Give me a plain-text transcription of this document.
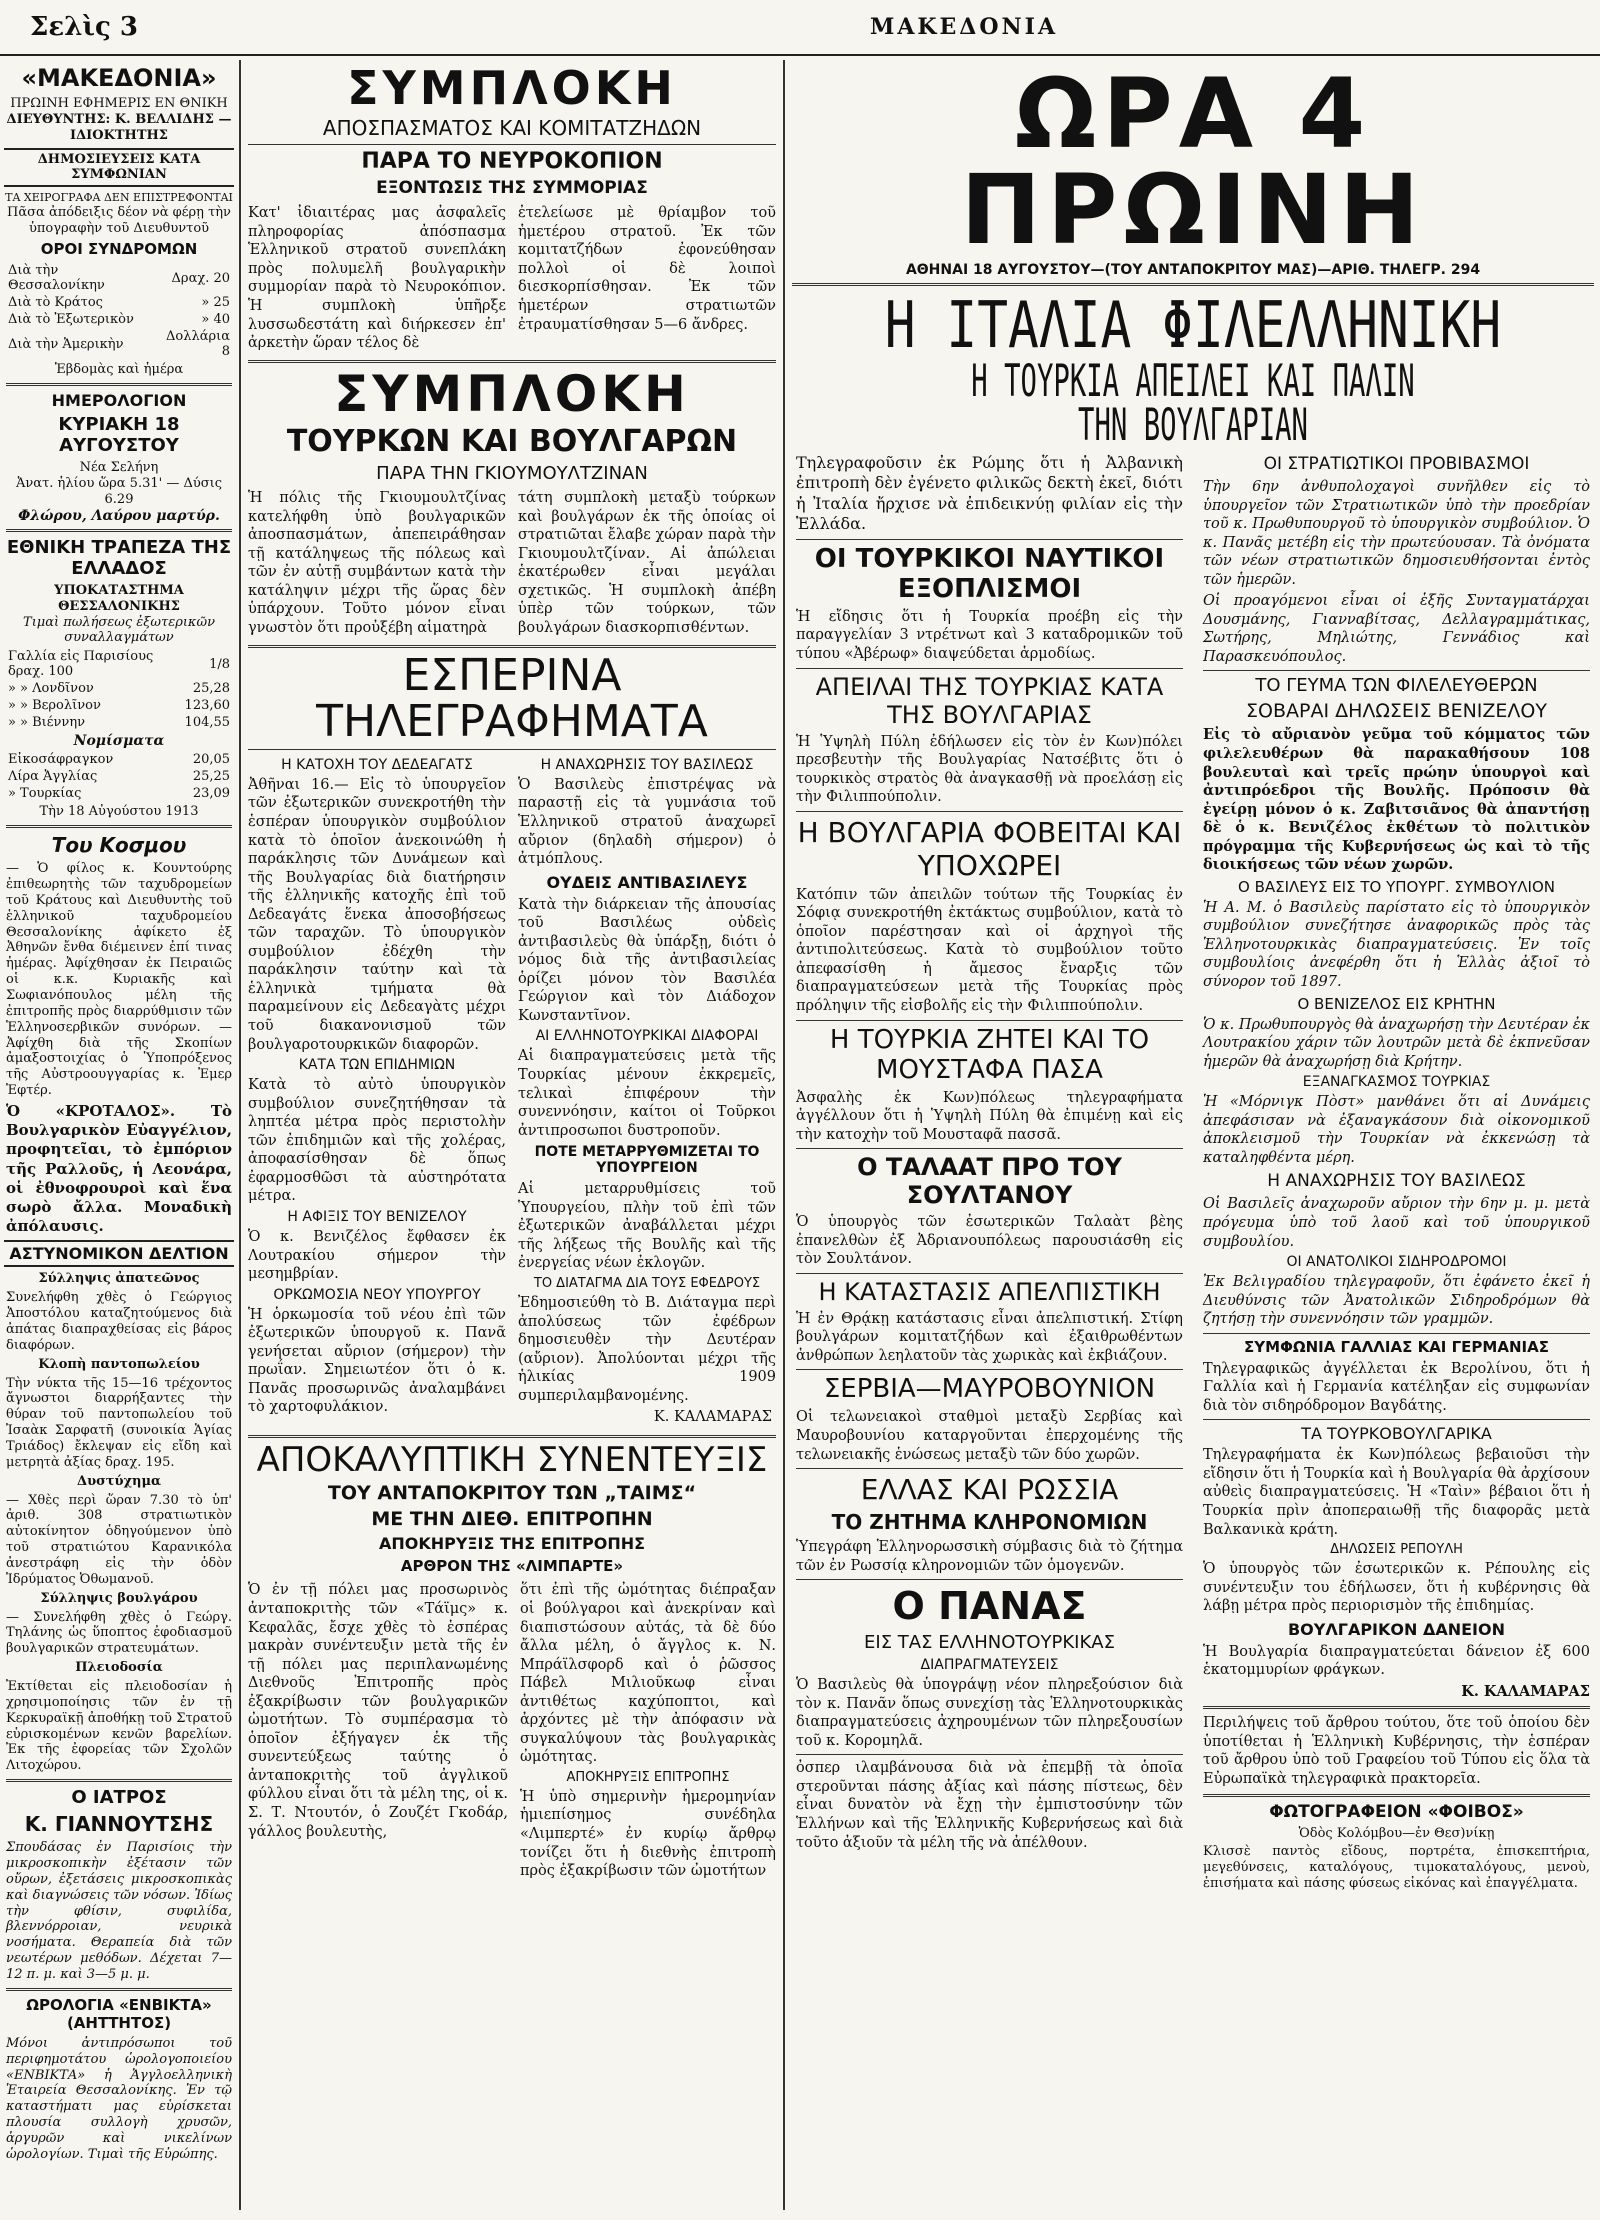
Σελὶς 3	ΜΑΚΕΔΟΝΙΑ
«ΜΑΚΕΔΟΝΙΑ»
ΠΡΩΙΝΗ ΕΦΗΜΕΡΙΣ ΕΝ ΘΝΙΚΗ
ΔΙΕΥΘΥΝΤΗΣ: Κ. ΒΕΛΛΙΔΗΣ — ΙΔΙΟΚΤΗΤΗΣ
ΔΗΜΟΣΙΕΥΣΕΙΣ ΚΑΤΑ ΣΥΜΦΩΝΙΑΝ
ΤΑ ΧΕΙΡΟΓΡΑΦΑ ΔΕΝ ΕΠΙΣΤΡΕΦΟΝΤΑΙ
Πᾶσα ἀπόδειξις δέον νὰ φέρῃ τὴν ὑπογραφὴν τοῦ Διευθυντοῦ
ΟΡΟΙ ΣΥΝΔΡΟΜΩΝ
Διὰ τὴν Θεσσαλονίκην	Δραχ. 20
Διὰ τὸ Κράτος	» 25
Διὰ τὸ Ἐξωτερικὸν	» 40
Διὰ τὴν Ἀμερικὴν	Δολλάρια 8
Ἑβδομὰς καὶ ἡμέρα
ΗΜΕΡΟΛΟΓΙΟΝ
ΚΥΡΙΑΚΗ 18 ΑΥΓΟΥΣΤΟΥ
Νέα Σελήνη
Ἀνατ. ἡλίου ὥρα 5.31' — Δύσις 6.29
Φλώρου, Λαύρου μαρτύρ.
ΕΘΝΙΚΗ ΤΡΑΠΕΖΑ ΤΗΣ ΕΛΛΑΔΟΣ
ΥΠΟΚΑΤΑΣΤΗΜΑ ΘΕΣΣΑΛΟΝΙΚΗΣ
Τιμαὶ πωλήσεως ἐξωτερικῶν συναλλαγμάτων
Γαλλία εἰς Παρισίους δραχ. 100	1/8
» » Λονδῖνον	25,28
» » Βερολῖνον	123,60
» » Βιέννην	104,55
Νομίσματα
Εἰκοσάφραγκον	20,05
Λίρα Ἀγγλίας	25,25
» Τουρκίας	23,09
Τὴν 18 Αὐγούστου 1913
Του Κοσμου
— Ὁ φίλος κ. Κουντούρης ἐπιθεωρητὴς τῶν ταχυδρομείων τοῦ Κράτους καὶ Διευθυντὴς τοῦ ἑλληνικοῦ ταχυδρομείου Θεσσαλονίκης ἀφίκετο ἐξ Ἀθηνῶν ἔνθα διέμεινεν ἐπί τινας ἡμέρας. Ἀφίχθησαν ἐκ Πειραιῶς οἱ κ.κ. Κυριακῆς καὶ Σωφιανόπουλος μέλη τῆς ἐπιτροπῆς πρὸς διαρρύθμισιν τῶν Ἑλληνοσερβικῶν συνόρων. — Ἀφίχθη διὰ τῆς Σκοπίων ἀμαξοστοιχίας ὁ Ὑποπρόξενος τῆς Αὐστροουγγαρίας κ. Ἐμερ Ἐφτέρ.
Ὁ «ΚΡΟΤΑΛΟΣ». Τὸ Βουλγαρικὸν Εὐαγγέλιον, προφητεῖαι, τὸ ἐμπόριον τῆς Ραλλοῦς, ἡ Λεονάρα, οἱ ἐθνοφρουροὶ καὶ ἕνα σωρὸ ἄλλα. Μοναδικὴ ἀπόλαυσις.
ΑΣΤΥΝΟΜΙΚΟΝ ΔΕΛΤΙΟΝ
Σύλληψις ἀπατεῶνος
Συνελήφθη χθὲς ὁ Γεώργιος Ἀποστόλου καταζητούμενος διὰ ἀπάτας διαπραχθείσας εἰς βάρος διαφόρων.
Κλοπὴ παντοπωλείου
Τὴν νύκτα τῆς 15—16 τρέχοντος ἄγνωστοι διαρρήξαντες τὴν θύραν τοῦ παντοπωλείου τοῦ Ἰσαὰκ Σαρφατῆ (συνοικία Ἁγίας Τριάδος) ἔκλεψαν εἰς εἴδη καὶ μετρητὰ ἀξίας δραχ. 195.
Δυστύχημα
— Χθὲς περὶ ὥραν 7.30 τὸ ὑπ' ἀριθ. 308 στρατιωτικὸν αὐτοκίνητον ὁδηγούμενον ὑπὸ τοῦ στρατιώτου Καρανικόλα ἀνεστράφη εἰς τὴν ὁδὸν Ἰδρύματος Ὀθωμανοῦ.
Σύλληψις βουλγάρου
— Συνελήφθη χθὲς ὁ Γεώργ. Τηλάνης ὡς ὕποπτος ἐφοδιασμοῦ βουλγαρικῶν στρατευμάτων.
Πλειοδοσία
Ἐκτίθεται εἰς πλειοδοσίαν ἡ χρησιμοποίησις τῶν ἐν τῇ Κερκυραϊκῇ ἀποθήκῃ τοῦ Στρατοῦ εὑρισκομένων κενῶν βαρελίων. Ἐκ τῆς ἐφορείας τῶν Σχολῶν Λιτοχώρου.
Ο ΙΑΤΡΟΣ
Κ. ΓΙΑΝΝΟΥΤΣΗΣ
Σπουδάσας ἐν Παρισίοις τὴν μικροσκοπικὴν ἐξέτασιν τῶν οὔρων, ἐξετάσεις μικροσκοπικὰς καὶ διαγνώσεις τῶν νόσων. Ἰδίως τὴν φθίσιν, συφιλίδα, βλεννόρροιαν, νευρικὰ νοσήματα. Θεραπεία διὰ τῶν νεωτέρων μεθόδων. Δέχεται 7—12 π. μ. καὶ 3—5 μ. μ.
ΩΡΟΛΟΓΙΑ «ΕΝΒΙΚΤΑ» (ΑΗΤΤΗΤΟΣ)
Μόνοι ἀντιπρόσωποι τοῦ περιφημοτάτου ὡρολογοποιείου «ΕΝΒΙΚΤΑ» ἡ Ἀγγλοελληνικὴ Ἑταιρεία Θεσσαλονίκης. Ἐν τῷ καταστήματι μας εὑρίσκεται πλουσία συλλογὴ χρυσῶν, ἀργυρῶν καὶ νικελίνων ὡρολογίων. Τιμαὶ τῆς Εὐρώπης.
ΣΥΜΠΛΟΚΗ
ΑΠΟΣΠΑΣΜΑΤΟΣ ΚΑΙ ΚΟΜΙΤΑΤΖΗΔΩΝ
ΠΑΡΑ ΤΟ ΝΕΥΡΟΚΟΠΙΟΝ
ΕΞΟΝΤΩΣΙΣ ΤΗΣ ΣΥΜΜΟΡΙΑΣ
Κατ' ἰδιαιτέρας μας ἀσφαλεῖς πληροφορίας ἀπόσπασμα Ἑλληνικοῦ στρατοῦ συνεπλάκη πρὸς πολυμελῆ βουλγαρικὴν συμμορίαν παρὰ τὸ Νευροκόπιον. Ἡ συμπλοκὴ ὑπῆρξε λυσσωδεστάτη καὶ διήρκεσεν ἐπ' ἀρκετὴν ὥραν τέλος δὲ
ἐτελείωσε μὲ θρίαμβον τοῦ ἡμετέρου στρατοῦ. Ἐκ τῶν κομιτατζήδων ἐφονεύθησαν πολλοὶ οἱ δὲ λοιποὶ διεσκορπίσθησαν. Ἐκ τῶν ἡμετέρων στρατιωτῶν ἐτραυματίσθησαν 5—6 ἄνδρες.
ΣΥΜΠΛΟΚΗ
ΤΟΥΡΚΩΝ ΚΑΙ ΒΟΥΛΓΑΡΩΝ
ΠΑΡΑ ΤΗΝ ΓΚΙΟΥΜΟΥΛΤΖΙΝΑΝ
Ἡ πόλις τῆς Γκιουμουλτζίνας κατελήφθη ὑπὸ βουλγαρικῶν ἀποσπασμάτων, ἀπεπειράθησαν τῇ κατάληψεως τῆς πόλεως καὶ τῶν ἐν αὐτῇ συμβάντων κατὰ τὴν κατάληψιν μέχρι τῆς ὥρας δὲν ὑπάρχουν. Τοῦτο μόνον εἶναι γνωστὸν ὅτι προὐξέβη αἱματηρὰ
τάτη συμπλοκὴ μεταξὺ τούρκων καὶ βουλγάρων ἐκ τῆς ὁποίας οἱ στρατιῶται ἔλαβε χώραν παρὰ τὴν Γκιουμουλτζίναν. Αἱ ἀπώλειαι ἑκατέρωθεν εἶναι μεγάλαι σχετικῶς. Ἡ συμπλοκὴ ἀπέβη ὑπὲρ τῶν τούρκων, τῶν βουλγάρων διασκορπισθέντων.
ΕΣΠΕΡΙΝΑ ΤΗΛΕΓΡΑΦΗΜΑΤΑ
Η ΚΑΤΟΧΗ ΤΟΥ ΔΕΔΕΑΓΑΤΣ
Ἀθῆναι 16.— Εἰς τὸ ὑπουργεῖον τῶν ἐξωτερικῶν συνεκροτήθη τὴν ἑσπέραν ὑπουργικὸν συμβούλιον κατὰ τὸ ὁποῖον ἀνεκοινώθη ἡ παράκλησις τῶν Δυνάμεων καὶ τῆς Βουλγαρίας διὰ διατήρησιν τῆς ἑλληνικῆς κατοχῆς ἐπὶ τοῦ Δεδεαγάτς ἕνεκα ἀποσοβήσεως τῶν ταραχῶν. Τὸ ὑπουργικὸν συμβούλιον ἐδέχθη τὴν παράκλησιν ταύτην καὶ τὰ ἑλληνικὰ τμήματα θὰ παραμείνουν εἰς Δεδεαγὰτς μέχρι τοῦ διακανονισμοῦ τῶν βουλγαροτουρκικῶν διαφορῶν.
ΚΑΤΑ ΤΩΝ ΕΠΙΔΗΜΙΩΝ
Κατὰ τὸ αὐτὸ ὑπουργικὸν συμβούλιον συνεζητήθησαν τὰ ληπτέα μέτρα πρὸς περιστολὴν τῶν ἐπιδημιῶν καὶ τῆς χολέρας, ἀποφασίσθησαν δὲ ὅπως ἐφαρμοσθῶσι τὰ αὐστηρότατα μέτρα.
Η ΑΦΙΞΙΣ ΤΟΥ ΒΕΝΙΖΕΛΟΥ
Ὁ κ. Βενιζέλος ἔφθασεν ἐκ Λουτρακίου σήμερον τὴν μεσημβρίαν.
ΟΡΚΩΜΟΣΙΑ ΝΕΟΥ ΥΠΟΥΡΓΟΥ
Ἡ ὁρκωμοσία τοῦ νέου ἐπὶ τῶν ἐξωτερικῶν ὑπουργοῦ κ. Πανᾶ γενήσεται αὔριον (σήμερον) τὴν πρωΐαν. Σημειωτέον ὅτι ὁ κ. Πανᾶς προσωρινῶς ἀναλαμβάνει τὸ χαρτοφυλάκιον.
Η ΑΝΑΧΩΡΗΣΙΣ ΤΟΥ ΒΑΣΙΛΕΩΣ
Ὁ Βασιλεὺς ἐπιστρέψας νὰ παραστῇ εἰς τὰ γυμνάσια τοῦ Ἑλληνικοῦ στρατοῦ ἀναχωρεῖ αὔριον (δηλαδὴ σήμερον) ὁ ἀτμόπλους.
ΟΥΔΕΙΣ ΑΝΤΙΒΑΣΙΛΕΥΣ
Κατὰ τὴν διάρκειαν τῆς ἀπουσίας τοῦ Βασιλέως οὐδεὶς ἀντιβασιλεὺς θὰ ὑπάρξῃ, διότι ὁ νόμος διὰ τῆς ἀντιβασιλείας ὁρίζει μόνον τὸν Βασιλέα Γεώργιον καὶ τὸν Διάδοχον Κωνσταντῖνον.
ΑΙ ΕΛΛΗΝΟΤΟΥΡΚΙΚΑΙ ΔΙΑΦΟΡΑΙ
Αἱ διαπραγματεύσεις μετὰ τῆς Τουρκίας μένουν ἐκκρεμεῖς, τελικαὶ ἐπιφέρουν τὴν συνεννόησιν, καίτοι οἱ Τοῦρκοι ἀντιπροσωποι δυστροποῦν.
ΠΟΤΕ ΜΕΤΑΡΡΥΘΜΙΖΕΤΑΙ ΤΟ ΥΠΟΥΡΓΕΙΟΝ
Αἱ μεταρρυθμίσεις τοῦ Ὑπουργείου, πλὴν τοῦ ἐπὶ τῶν ἐξωτερικῶν ἀναβάλλεται μέχρι τῆς λήξεως τῆς Βουλῆς καὶ τῆς ἐνεργείας νέων ἐκλογῶν.
ΤΟ ΔΙΑΤΑΓΜΑ ΔΙΑ ΤΟΥΣ ΕΦΕΔΡΟΥΣ
Ἐδημοσιεύθη τὸ Β. Διάταγμα περὶ ἀπολύσεως τῶν ἐφέδρων δημοσιευθὲν τὴν Δευτέραν (αὔριον). Ἀπολύονται μέχρι τῆς ἡλικίας 1909 συμπεριλαμβανομένης.
Κ. ΚΑΛΑΜΑΡΑΣ
ΑΠΟΚΑΛΥΠΤΙΚΗ ΣΥΝΕΝΤΕΥΞΙΣ
ΤΟΥ ΑΝΤΑΠΟΚΡΙΤΟΥ ΤΩΝ „ΤΑΙΜΣ“
ΜΕ ΤΗΝ ΔΙΕΘ. ΕΠΙΤΡΟΠΗΝ
ΑΠΟΚΗΡΥΞΙΣ ΤΗΣ ΕΠΙΤΡΟΠΗΣ
ΑΡΘΡΟΝ ΤΗΣ «ΛΙΜΠΑΡΤΕ»
Ὁ ἐν τῇ πόλει μας προσωρινὸς ἀνταποκριτὴς τῶν «Τάϊμς» κ. Κεφαλᾶς, ἔσχε χθὲς τὸ ἑσπέρας μακρὰν συνέντευξιν μετὰ τῆς ἐν τῇ πόλει μας περιπλανωμένης Διεθνοῦς Ἐπιτροπῆς πρὸς ἐξακρίβωσιν τῶν βουλγαρικῶν ὠμοτήτων. Τὸ συμπέρασμα τὸ ὁποῖον ἐξήγαγεν ἐκ τῆς συνεντεύξεως ταύτης ὁ ἀνταποκριτὴς τοῦ ἀγγλικοῦ φύλλου εἶναι ὅτι τὰ μέλη της, οἱ κ. Σ. Τ. Ντουτόν, ὁ Ζουζέτ Γκοδάρ, γάλλος βουλευτὴς,
ὅτι ἐπὶ τῆς ὠμότητας διέπραξαν οἱ βούλγαροι καὶ ἀνεκρίναν καὶ διαπιστώσουν αὐτάς, τὰ δὲ δύο ἄλλα μέλη, ὁ ἄγγλος κ. Ν. Μπράϊλσφορδ καὶ ὁ ῥῶσσος Πάβελ Μιλιοῦκωφ εἶναι ἀντιθέτως καχύποπτοι, καὶ ἀρχόντες μὲ τὴν ἀπόφασιν νὰ συγκαλύψουν τὰς βουλγαρικὰς ὠμότητας.
ΑΠΟΚΗΡΥΞΙΣ ΕΠΙΤΡΟΠΗΣ
Ἡ ὑπὸ σημερινὴν ἡμερομηνίαν ἡμιεπίσημος συνέδηλα «Λιμπερτέ» ἐν κυρίῳ ἄρθρῳ τονίζει ὅτι ἡ διεθνὴς ἐπιτροπὴ πρὸς ἐξακρίβωσιν τῶν ὠμοτήτων
ΩΡΑ 4 ΠΡΩΙΝΗ
ΑΘΗΝΑΙ 18 ΑΥΓΟΥΣΤΟΥ—(ΤΟΥ ΑΝΤΑΠΟΚΡΙΤΟΥ ΜΑΣ)—ΑΡΙΘ. ΤΗΛΕΓΡ. 294
Η ΙΤΑΛΙΑ ΦΙΛΕΛΛΗΝΙΚΗ
Η ΤΟΥΡΚΙΑ ΑΠΕΙΛΕΙ ΚΑΙ ΠΑΛΙΝ ΤΗΝ ΒΟΥΛΓΑΡΙΑΝ
Τηλεγραφοῦσιν ἐκ Ρώμης ὅτι ἡ Ἀλβανικὴ ἐπιτροπὴ δὲν ἐγένετο φιλικῶς δεκτὴ ἐκεῖ, διότι ἡ Ἰταλία ἤρχισε νὰ ἐπιδεικνύῃ φιλίαν εἰς τὴν Ἑλλάδα.
ΟΙ ΤΟΥΡΚΙΚΟΙ ΝΑΥΤΙΚΟΙ ΕΞΟΠΛΙΣΜΟΙ
Ἡ εἴδησις ὅτι ἡ Τουρκία προέβη εἰς τὴν παραγγελίαν 3 ντρέτνωτ καὶ 3 καταδρομικῶν τοῦ τύπου «Ἀβέρωφ» διαψεύδεται ἁρμοδίως.
ΑΠΕΙΛΑΙ ΤΗΣ ΤΟΥΡΚΙΑΣ ΚΑΤΑ ΤΗΣ ΒΟΥΛΓΑΡΙΑΣ
Ἡ Ὑψηλὴ Πύλη ἐδήλωσεν εἰς τὸν ἐν Κων)πόλει πρεσβευτὴν τῆς Βουλγαρίας Νατσέβιτς ὅτι ὁ τουρκικὸς στρατὸς θὰ ἀναγκασθῇ νὰ προελάσῃ εἰς τὴν Φιλιππούπολιν.
Η ΒΟΥΛΓΑΡΙΑ ΦΟΒΕΙΤΑΙ ΚΑΙ ΥΠΟΧΩΡΕΙ
Κατόπιν τῶν ἀπειλῶν τούτων τῆς Τουρκίας ἐν Σόφιᾳ συνεκροτήθη ἐκτάκτως συμβούλιον, κατὰ τὸ ὁποῖον παρέστησαν καὶ οἱ ἀρχηγοὶ τῆς ἀντιπολιτεύσεως. Κατὰ τὸ συμβούλιον τοῦτο ἀπεφασίσθη ἡ ἄμεσος ἔναρξις τῶν διαπραγματεύσεων μετὰ τῆς Τουρκίας πρὸς πρόληψιν τῆς εἰσβολῆς εἰς τὴν Φιλιππούπολιν.
Η ΤΟΥΡΚΙΑ ΖΗΤΕΙ ΚΑΙ ΤΟ ΜΟΥΣΤΑΦΑ ΠΑΣΑ
Ἀσφαλὴς ἐκ Κων)πόλεως τηλεγραφήματα ἀγγέλλουν ὅτι ἡ Ὑψηλὴ Πύλη θὰ ἐπιμένῃ καὶ εἰς τὴν κατοχὴν τοῦ Μουσταφᾶ πασσᾶ.
Ο ΤΑΛΑΑΤ ΠΡΟ ΤΟΥ ΣΟΥΛΤΑΝΟΥ
Ὁ ὑπουργὸς τῶν ἐσωτερικῶν Ταλαὰτ βὲης ἐπανελθὼν ἐξ Ἀδριανουπόλεως παρουσιάσθη εἰς τὸν Σουλτάνον.
Η ΚΑΤΑΣΤΑΣΙΣ ΑΠΕΛΠΙΣΤΙΚΗ
Ἡ ἐν Θρᾴκῃ κατάστασις εἶναι ἀπελπιστική. Στίφη βουλγάρων κομιτατζήδων καὶ ἐξαιθρωθέντων ἀνθρώπων λεηλατοῦν τὰς χωρικὰς καὶ ἐκβιάζουν.
ΣΕΡΒΙΑ—ΜΑΥΡΟΒΟΥΝΙΟΝ
Οἱ τελωνειακοὶ σταθμοὶ μεταξὺ Σερβίας καὶ Μαυροβουνίου καταργοῦνται ἐπερχομένης τῆς τελωνειακῆς ἑνώσεως μεταξὺ τῶν δύο χωρῶν.
ΕΛΛΑΣ ΚΑΙ ΡΩΣΣΙΑ
ΤΟ ΖΗΤΗΜΑ ΚΛΗΡΟΝΟΜΙΩΝ
Ὑπεγράφη Ἑλληνορωσσικὴ σύμβασις διὰ τὸ ζήτημα τῶν ἐν Ρωσσίᾳ κληρονομιῶν τῶν ὁμογενῶν.
Ο ΠΑΝΑΣ
ΕΙΣ ΤΑΣ ΕΛΛΗΝΟΤΟΥΡΚΙΚΑΣ
ΔΙΑΠΡΑΓΜΑΤΕΥΣΕΙΣ
Ὁ Βασιλεὺς θὰ ὑπογράψῃ νέον πληρεξούσιον διὰ τὸν κ. Πανᾶν ὅπως συνεχίσῃ τὰς Ἑλληνοτουρκικὰς διαπραγματεύσεις ἀχηρουμένων τῶν πληρεξουσίων τοῦ κ. Κορομηλᾶ.
ὀσπερ ιλαμβάνουσα διὰ νὰ ἐπεμβῇ τὰ ὁποῖα στεροῦνται πάσης ἀξίας καὶ πάσης πίστεως, δὲν εἶναι δυνατὸν νὰ ἔχῃ τὴν ἐμπιστοσύνην τῶν Ἑλλήνων καὶ τῆς Ἑλληνικῆς Κυβερνήσεως καὶ διὰ τοῦτο ἀξιοῦν τὰ μέλη τῆς νὰ ἀπέλθουν.
ΟΙ ΣΤΡΑΤΙΩΤΙΚΟΙ ΠΡΟΒΙΒΑΣΜΟΙ
Τὴν 6ην ἀνθυπολοχαγοὶ συνῆλθεν εἰς τὸ ὑπουργεῖον τῶν Στρατιωτικῶν ὑπὸ τὴν προεδρίαν τοῦ κ. Πρωθυπουργοῦ τὸ ὑπουργικὸν συμβούλιον. Ὁ κ. Πανᾶς μετέβη εἰς τὴν πρωτεύουσαν. Τὰ ὀνόματα τῶν νέων στρατιωτικῶν δημοσιευθήσονται ἐντὸς τῶν ἡμερῶν.
Οἱ προαγόμενοι εἶναι οἱ ἑξῆς Συνταγματάρχαι Δουσμάνης, Γιανναβίτσας, Δελλαγραμμάτικας, Σωτήρης, Μηλιώτης, Γεννάδιος καὶ Παρασκευόπουλος.
ΤΟ ΓΕΥΜΑ ΤΩΝ ΦΙΛΕΛΕΥΘΕΡΩΝ
ΣΟΒΑΡΑΙ ΔΗΛΩΣΕΙΣ ΒΕΝΙΖΕΛΟΥ
Εἰς τὸ αὔριανὸν γεῦμα τοῦ κόμματος τῶν φιλελευθέρων θὰ παρακαθήσουν 108 βουλευταὶ καὶ τρεῖς πρώην ὑπουργοὶ καὶ ἀντιπρόεδροι τῆς Βουλῆς. Πρόποσιν θὰ ἐγείρῃ μόνον ὁ κ. Ζαβιτσιᾶνος θὰ ἀπαντήσῃ δὲ ὁ κ. Βενιζέλος ἐκθέτων τὸ πολιτικὸν πρόγραμμα τῆς Κυβερνήσεως ὡς καὶ τὸ τῆς διοικήσεως τῶν νέων χωρῶν.
Ο ΒΑΣΙΛΕΥΣ ΕΙΣ ΤΟ ΥΠΟΥΡΓ. ΣΥΜΒΟΥΛΙΟΝ
Ἡ Α. Μ. ὁ Βασιλεὺς παρίστατο εἰς τὸ ὑπουργικὸν συμβούλιον συνεζήτησε ἀναφορικῶς πρὸς τὰς Ἑλληνοτουρκικὰς διαπραγματεύσεις. Ἐν τοῖς συμβουλίοις ἀνεφέρθη ὅτι ἡ Ἑλλὰς ἀξιοῖ τὸ σύνορον τοῦ 1897.
Ο ΒΕΝΙΖΕΛΟΣ ΕΙΣ ΚΡΗΤΗΝ
Ὁ κ. Πρωθυπουργὸς θὰ ἀναχωρήσῃ τὴν Δευτέραν ἐκ Λουτρακίου χάριν τῶν λουτρῶν μετὰ δὲ ἐκπνεῦσαν ἡμερῶν θὰ ἀναχωρήσῃ διὰ Κρήτην.
ΕΞΑΝΑΓΚΑΣΜΟΣ ΤΟΥΡΚΙΑΣ
Ἡ «Μόρνιγκ Πὸστ» μανθάνει ὅτι αἱ Δυνάμεις ἀπεφάσισαν νὰ ἐξαναγκάσουν διὰ οἰκονομικοῦ ἀποκλεισμοῦ τὴν Τουρκίαν νὰ ἐκκενώσῃ τὰ καταληφθέντα μέρη.
Η ΑΝΑΧΩΡΗΣΙΣ ΤΟΥ ΒΑΣΙΛΕΩΣ
Οἱ Βασιλεῖς ἀναχωροῦν αὔριον τὴν 6ην μ. μ. μετὰ πρόγευμα ὑπὸ τοῦ λαοῦ καὶ τοῦ ὑπουργικοῦ συμβουλίου.
ΟΙ ΑΝΑΤΟΛΙΚΟΙ ΣΙΔΗΡΟΔΡΟΜΟΙ
Ἐκ Βελιγραδίου τηλεγραφοῦν, ὅτι ἐφάνετο ἐκεῖ ἡ Διευθύνσις τῶν Ἀνατολικῶν Σιδηροδρόμων θὰ ζητήσῃ τὴν συνεννόησιν τῶν γραμμῶν.
ΣΥΜΦΩΝΙΑ ΓΑΛΛΙΑΣ ΚΑΙ ΓΕΡΜΑΝΙΑΣ
Τηλεγραφικῶς ἀγγέλλεται ἐκ Βερολίνου, ὅτι ἡ Γαλλία καὶ ἡ Γερμανία κατέληξαν εἰς συμφωνίαν διὰ τὸν σιδηρόδρομον Βαγδάτης.
ΤΑ ΤΟΥΡΚΟΒΟΥΛΓΑΡΙΚΑ
Τηλεγραφήματα ἐκ Κων)πόλεως βεβαιοῦσι τὴν εἴδησιν ὅτι ἡ Τουρκία καὶ ἡ Βουλγαρία θὰ ἀρχίσουν αὐθεὶς διαπραγματεύσεις. Ἡ «Ταὶν» βέβαιοι ὅτι ἡ Τουρκία πρὶν ἀποπεραιωθῇ τῆς διαφορᾶς μετὰ Βαλκανικὰ κράτη.
ΔΗΛΩΣΕΙΣ ΡΕΠΟΥΛΗ
Ὁ ὑπουργὸς τῶν ἐσωτερικῶν κ. Ρέπουλης εἰς συνέντευξιν του ἐδήλωσεν, ὅτι ἡ κυβέρνησις θὰ λάβῃ μέτρα πρὸς περιορισμὸν τῆς ἐπιδημίας.
ΒΟΥΛΓΑΡΙΚΟΝ ΔΑΝΕΙΟΝ
Ἡ Βουλγαρία διαπραγματεύεται δάνειον ἐξ 600 ἑκατομμυρίων φράγκων.
Κ. ΚΑΛΑΜΑΡΑΣ
Περιλήψεις τοῦ ἄρθρου τούτου, ὅτε τοῦ ὁποίου δὲν ὑποτίθεται ἡ Ἑλληνικὴ Κυβέρνησις, τὴν ἑσπέραν τοῦ ἄρθρου ὑπὸ τοῦ Γραφείου τοῦ Τύπου εἰς ὅλα τὰ Εὐρωπαϊκὰ τηλεγραφικὰ πρακτορεῖα.
ΦΩΤΟΓΡΑΦΕΙΟΝ «ΦΟΙΒΟΣ»
Ὁδὸς Κολόμβου—ἐν Θεσ)νίκῃ
Κλισσὲ παντὸς εἴδους, πορτρέτα, ἐπισκεπτήρια, μεγεθύνσεις, καταλόγους, τιμοκαταλόγους, μενοὺ, ἐπισήματα καὶ πάσης φύσεως εἰκόνας καὶ ἐπαγγέλματα.
